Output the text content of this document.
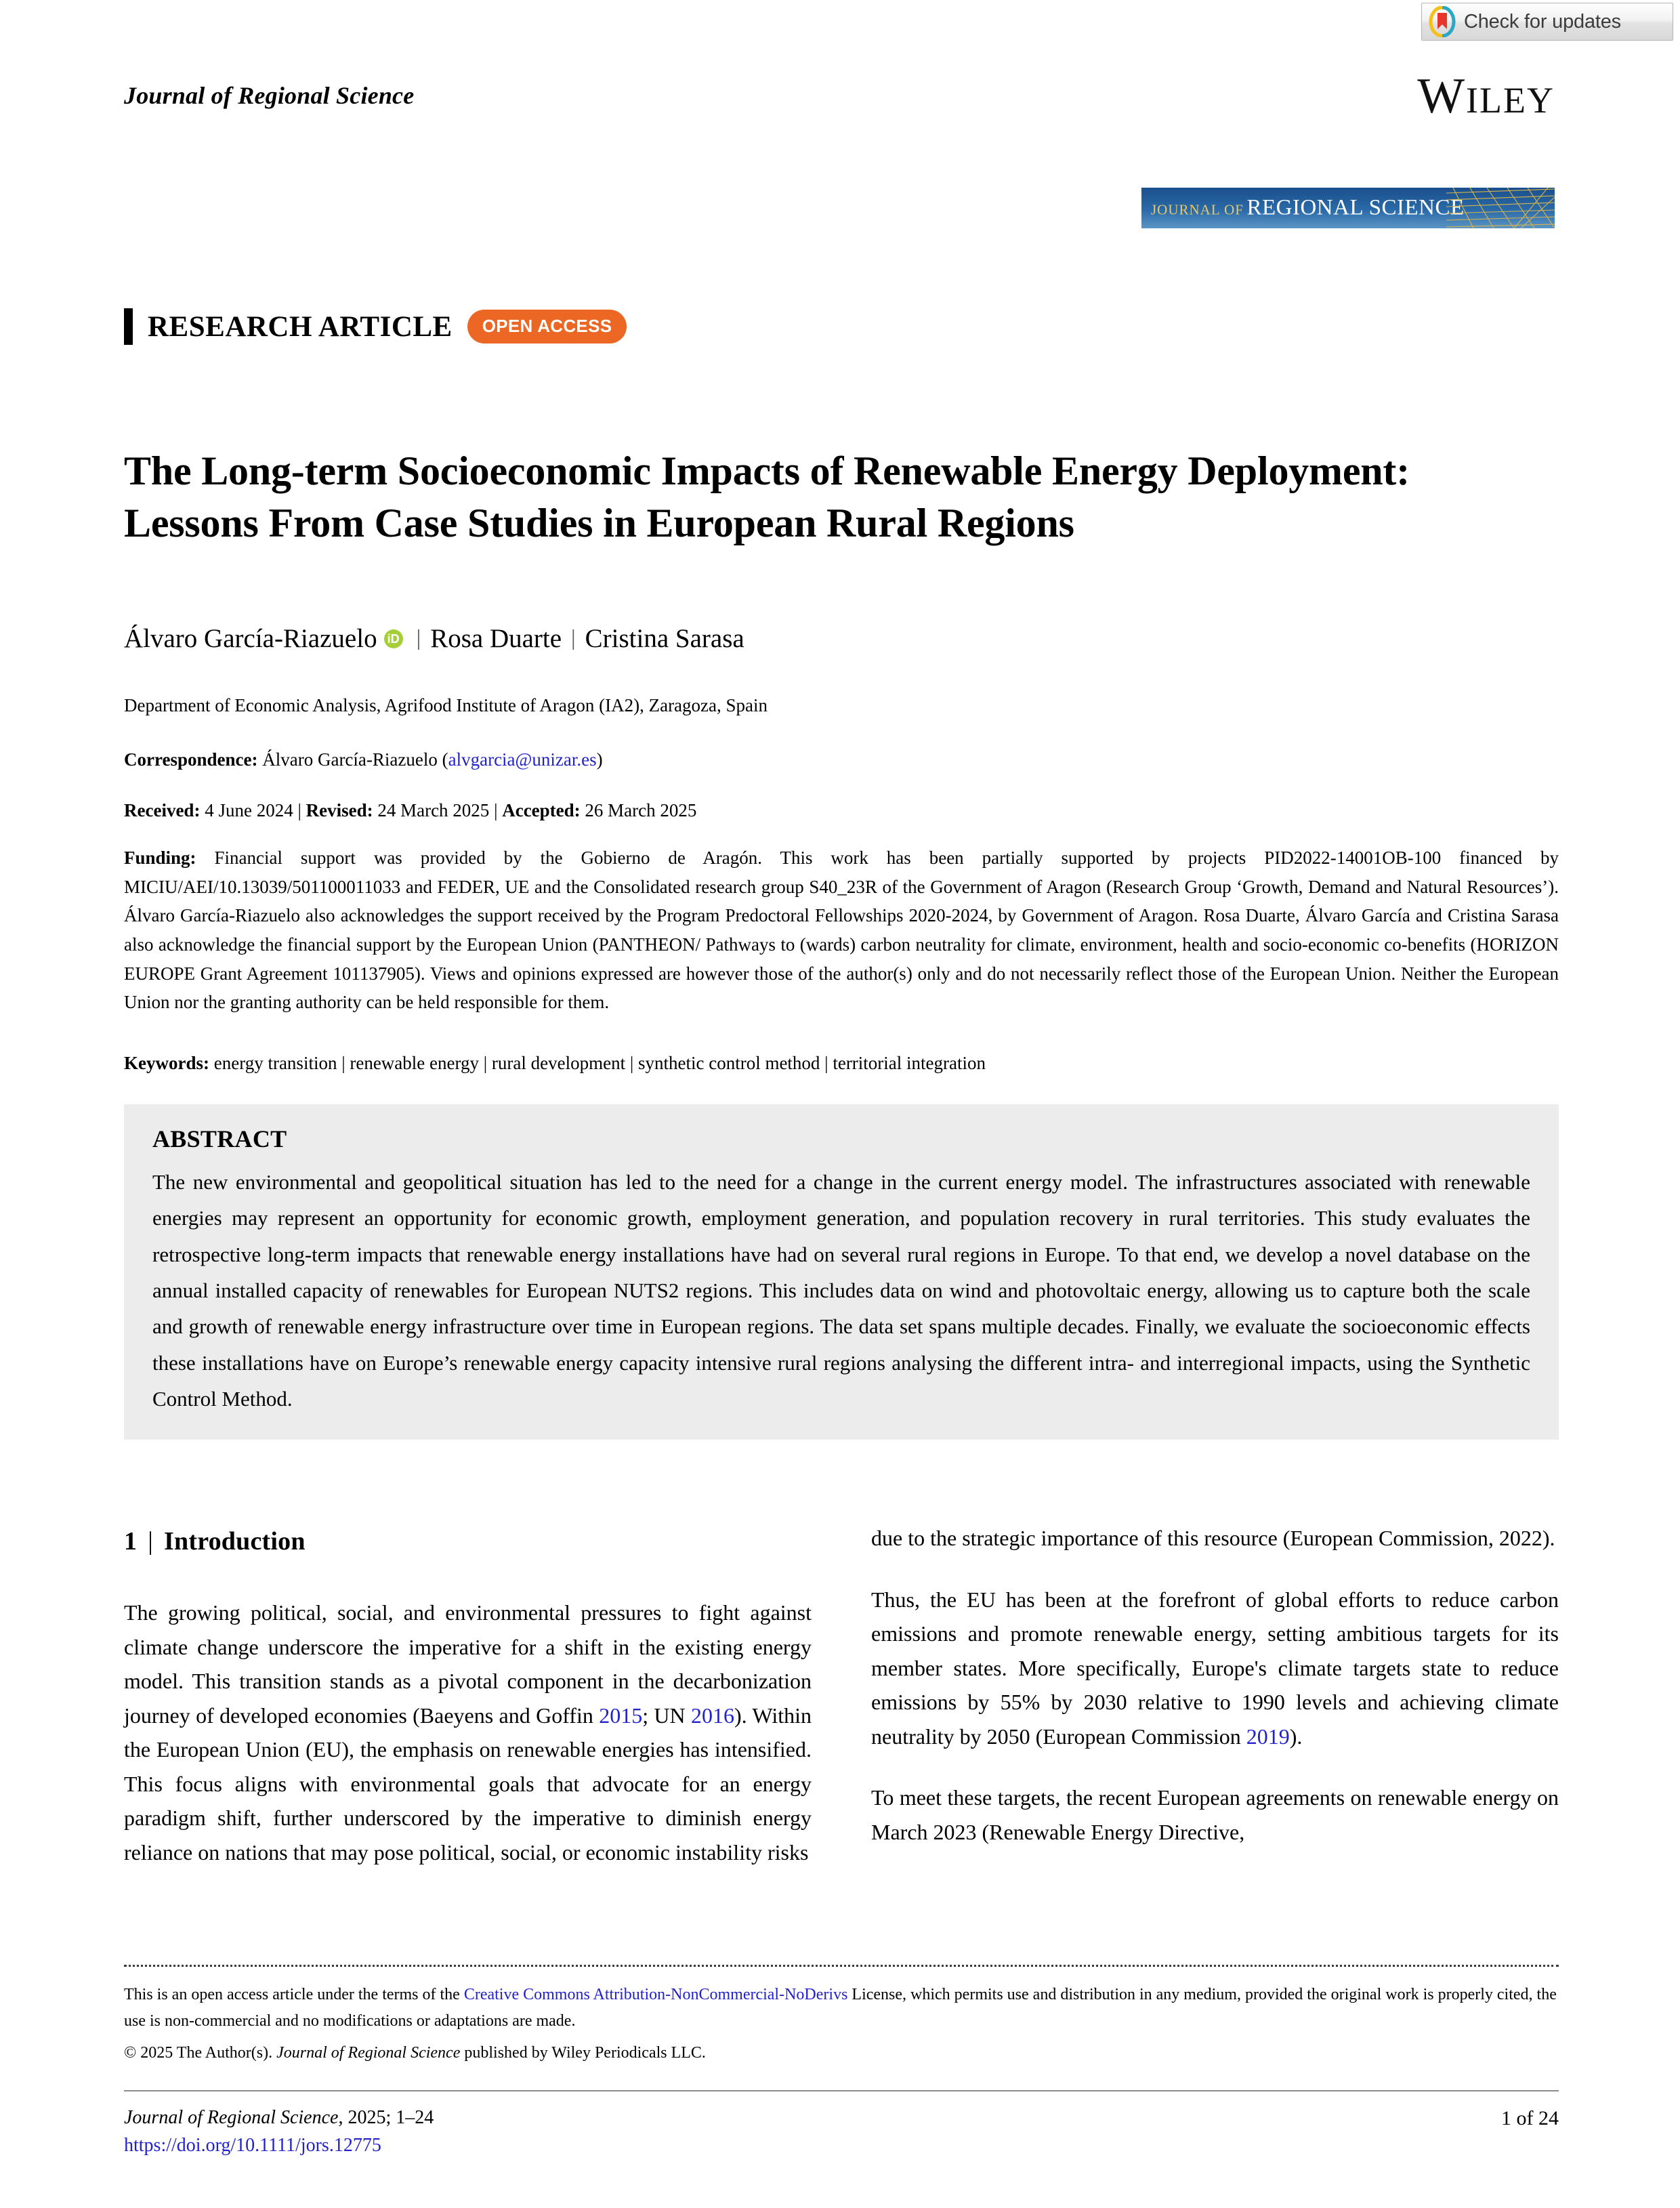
Check for updates
Journal of Regional Science	WILEY
JOURNAL OF REGIONAL SCIENCE
RESEARCH ARTICLE	OPEN ACCESS
The Long-term Socioeconomic Impacts of Renewable Energy Deployment: Lessons From Case Studies in European Rural Regions
Álvaro García-Riazuelo iD | Rosa Duarte | Cristina Sarasa
Department of Economic Analysis, Agrifood Institute of Aragon (IA2), Zaragoza, Spain
Correspondence: Álvaro García-Riazuelo (alvgarcia@unizar.es)
Received: 4 June 2024 | Revised: 24 March 2025 | Accepted: 26 March 2025
Funding: Financial support was provided by the Gobierno de Aragón. This work has been partially supported by projects PID2022-14001OB-100 financed by MICIU/AEI/10.13039/501100011033 and FEDER, UE and the Consolidated research group S40_23R of the Government of Aragon (Research Group ‘Growth, Demand and Natural Resources’). Álvaro García-Riazuelo also acknowledges the support received by the Program Predoctoral Fellowships 2020-2024, by Government of Aragon. Rosa Duarte, Álvaro García and Cristina Sarasa also acknowledge the financial support by the European Union (PANTHEON/ Pathways to (wards) carbon neutrality for climate, environment, health and socio-economic co-benefits (HORIZON EUROPE Grant Agreement 101137905). Views and opinions expressed are however those of the author(s) only and do not necessarily reflect those of the European Union. Neither the European Union nor the granting authority can be held responsible for them.
Keywords: energy transition | renewable energy | rural development | synthetic control method | territorial integration
ABSTRACT
The new environmental and geopolitical situation has led to the need for a change in the current energy model. The infrastructures associated with renewable energies may represent an opportunity for economic growth, employment generation, and population recovery in rural territories. This study evaluates the retrospective long-term impacts that renewable energy installations have had on several rural regions in Europe. To that end, we develop a novel database on the annual installed capacity of renewables for European NUTS2 regions. This includes data on wind and photovoltaic energy, allowing us to capture both the scale and growth of renewable energy infrastructure over time in European regions. The data set spans multiple decades. Finally, we evaluate the socioeconomic effects these installations have on Europe’s renewable energy capacity intensive rural regions analysing the different intra- and interregional impacts, using the Synthetic Control Method.
1 | Introduction

The growing political, social, and environmental pressures to fight against climate change underscore the imperative for a shift in the existing energy model. This transition stands as a pivotal component in the decarbonization journey of developed economies (Baeyens and Goffin 2015; UN 2016). Within the European Union (EU), the emphasis on renewable energies has intensified. This focus aligns with environmental goals that advocate for an energy paradigm shift, further underscored by the imperative to diminish energy reliance on nations that may pose political, social, or economic instability risks

due to the strategic importance of this resource (European Commission, 2022).

Thus, the EU has been at the forefront of global efforts to reduce carbon emissions and promote renewable energy, setting ambitious targets for its member states. More specifically, Europe's climate targets state to reduce emissions by 55% by 2030 relative to 1990 levels and achieving climate neutrality by 2050 (European Commission 2019).

To meet these targets, the recent European agreements on renewable energy on March 2023 (Renewable Energy Directive,

This is an open access article under the terms of the Creative Commons Attribution-NonCommercial-NoDerivs License, which permits use and distribution in any medium, provided the original work is properly cited, the use is non-commercial and no modifications or adaptations are made.
© 2025 The Author(s). Journal of Regional Science published by Wiley Periodicals LLC.
Journal of Regional Science, 2025; 1–24
https://doi.org/10.1111/jors.12775
1 of 24
